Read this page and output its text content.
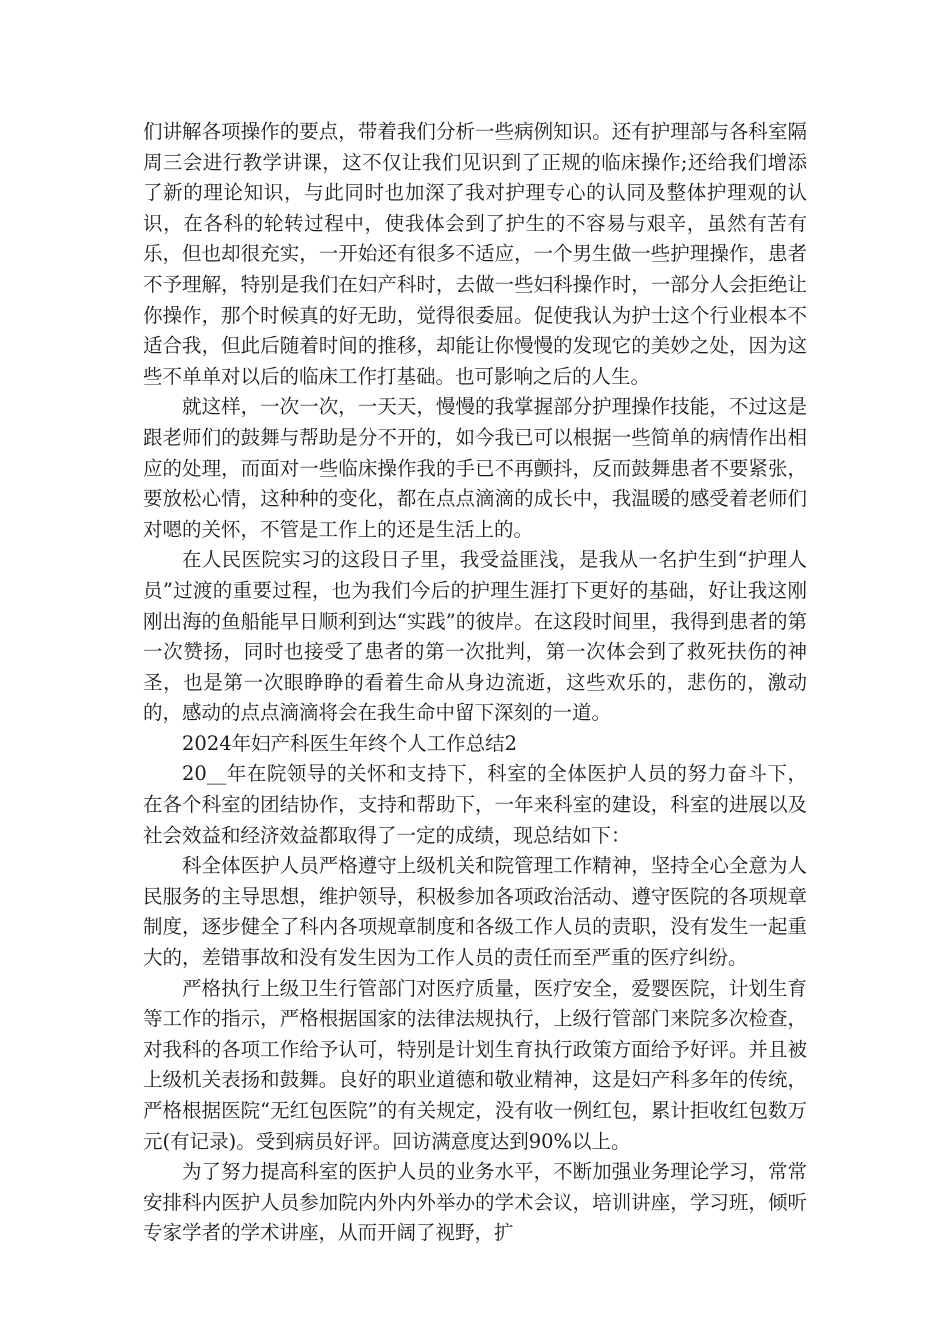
们讲解各项操作的要点，带着我们分析一些病例知识。还有护理部与各科室隔周三会进行教学讲课，这不仅让我们见识到了正规的临床操作;还给我们增添了新的理论知识，与此同时也加深了我对护理专心的认同及整体护理观的认识，在各科的轮转过程中，使我体会到了护生的不容易与艰辛，虽然有苦有乐，但也却很充实，一开始还有很多不适应，一个男生做一些护理操作，患者不予理解，特别是我们在妇产科时，去做一些妇科操作时，一部分人会拒绝让你操作，那个时候真的好无助，觉得很委屈。促使我认为护士这个行业根本不适合我，但此后随着时间的推移，却能让你慢慢的发现它的美妙之处，因为这些不单单对以后的临床工作打基础。也可影响之后的人生。

就这样，一次一次，一天天，慢慢的我掌握部分护理操作技能，不过这是跟老师们的鼓舞与帮助是分不开的，如今我已可以根据一些简单的病情作出相应的处理，而面对一些临床操作我的手已不再颤抖，反而鼓舞患者不要紧张，要放松心情，这种种的变化，都在点点滴滴的成长中，我温暖的感受着老师们对嗯的关怀，不管是工作上的还是生活上的。

在人民医院实习的这段日子里，我受益匪浅，是我从一名护生到“护理人员”过渡的重要过程，也为我们今后的护理生涯打下更好的基础，好让我这刚刚出海的鱼船能早日顺利到达“实践”的彼岸。在这段时间里，我得到患者的第一次赞扬，同时也接受了患者的第一次批判，第一次体会到了救死扶伤的神圣，也是第一次眼睁睁的看着生命从身边流逝，这些欢乐的，悲伤的，激动的，感动的点点滴滴将会在我生命中留下深刻的一道。

2024年妇产科医生年终个人工作总结2

20__年在院领导的关怀和支持下，科室的全体医护人员的努力奋斗下，在各个科室的团结协作，支持和帮助下，一年来科室的建设，科室的进展以及社会效益和经济效益都取得了一定的成绩，现总结如下：

科全体医护人员严格遵守上级机关和院管理工作精神，坚持全心全意为人民服务的主导思想，维护领导，积极参加各项政治活动、遵守医院的各项规章制度，逐步健全了科内各项规章制度和各级工作人员的责职，没有发生一起重大的，差错事故和没有发生因为工作人员的责任而至严重的医疗纠纷。

严格执行上级卫生行管部门对医疗质量，医疗安全，爱婴医院，计划生育等工作的指示，严格根据国家的法律法规执行，上级行管部门来院多次检查，对我科的各项工作给予认可，特别是计划生育执行政策方面给予好评。并且被上级机关表扬和鼓舞。良好的职业道德和敬业精神，这是妇产科多年的传统，严格根据医院“无红包医院”的有关规定，没有收一例红包，累计拒收红包数万元(有记录)。受到病员好评。回访满意度达到90%以上。

为了努力提高科室的医护人员的业务水平，不断加强业务理论学习，常常安排科内医护人员参加院内外内外举办的学术会议，培训讲座，学习班，倾听专家学者的学术讲座，从而开阔了视野，扩
